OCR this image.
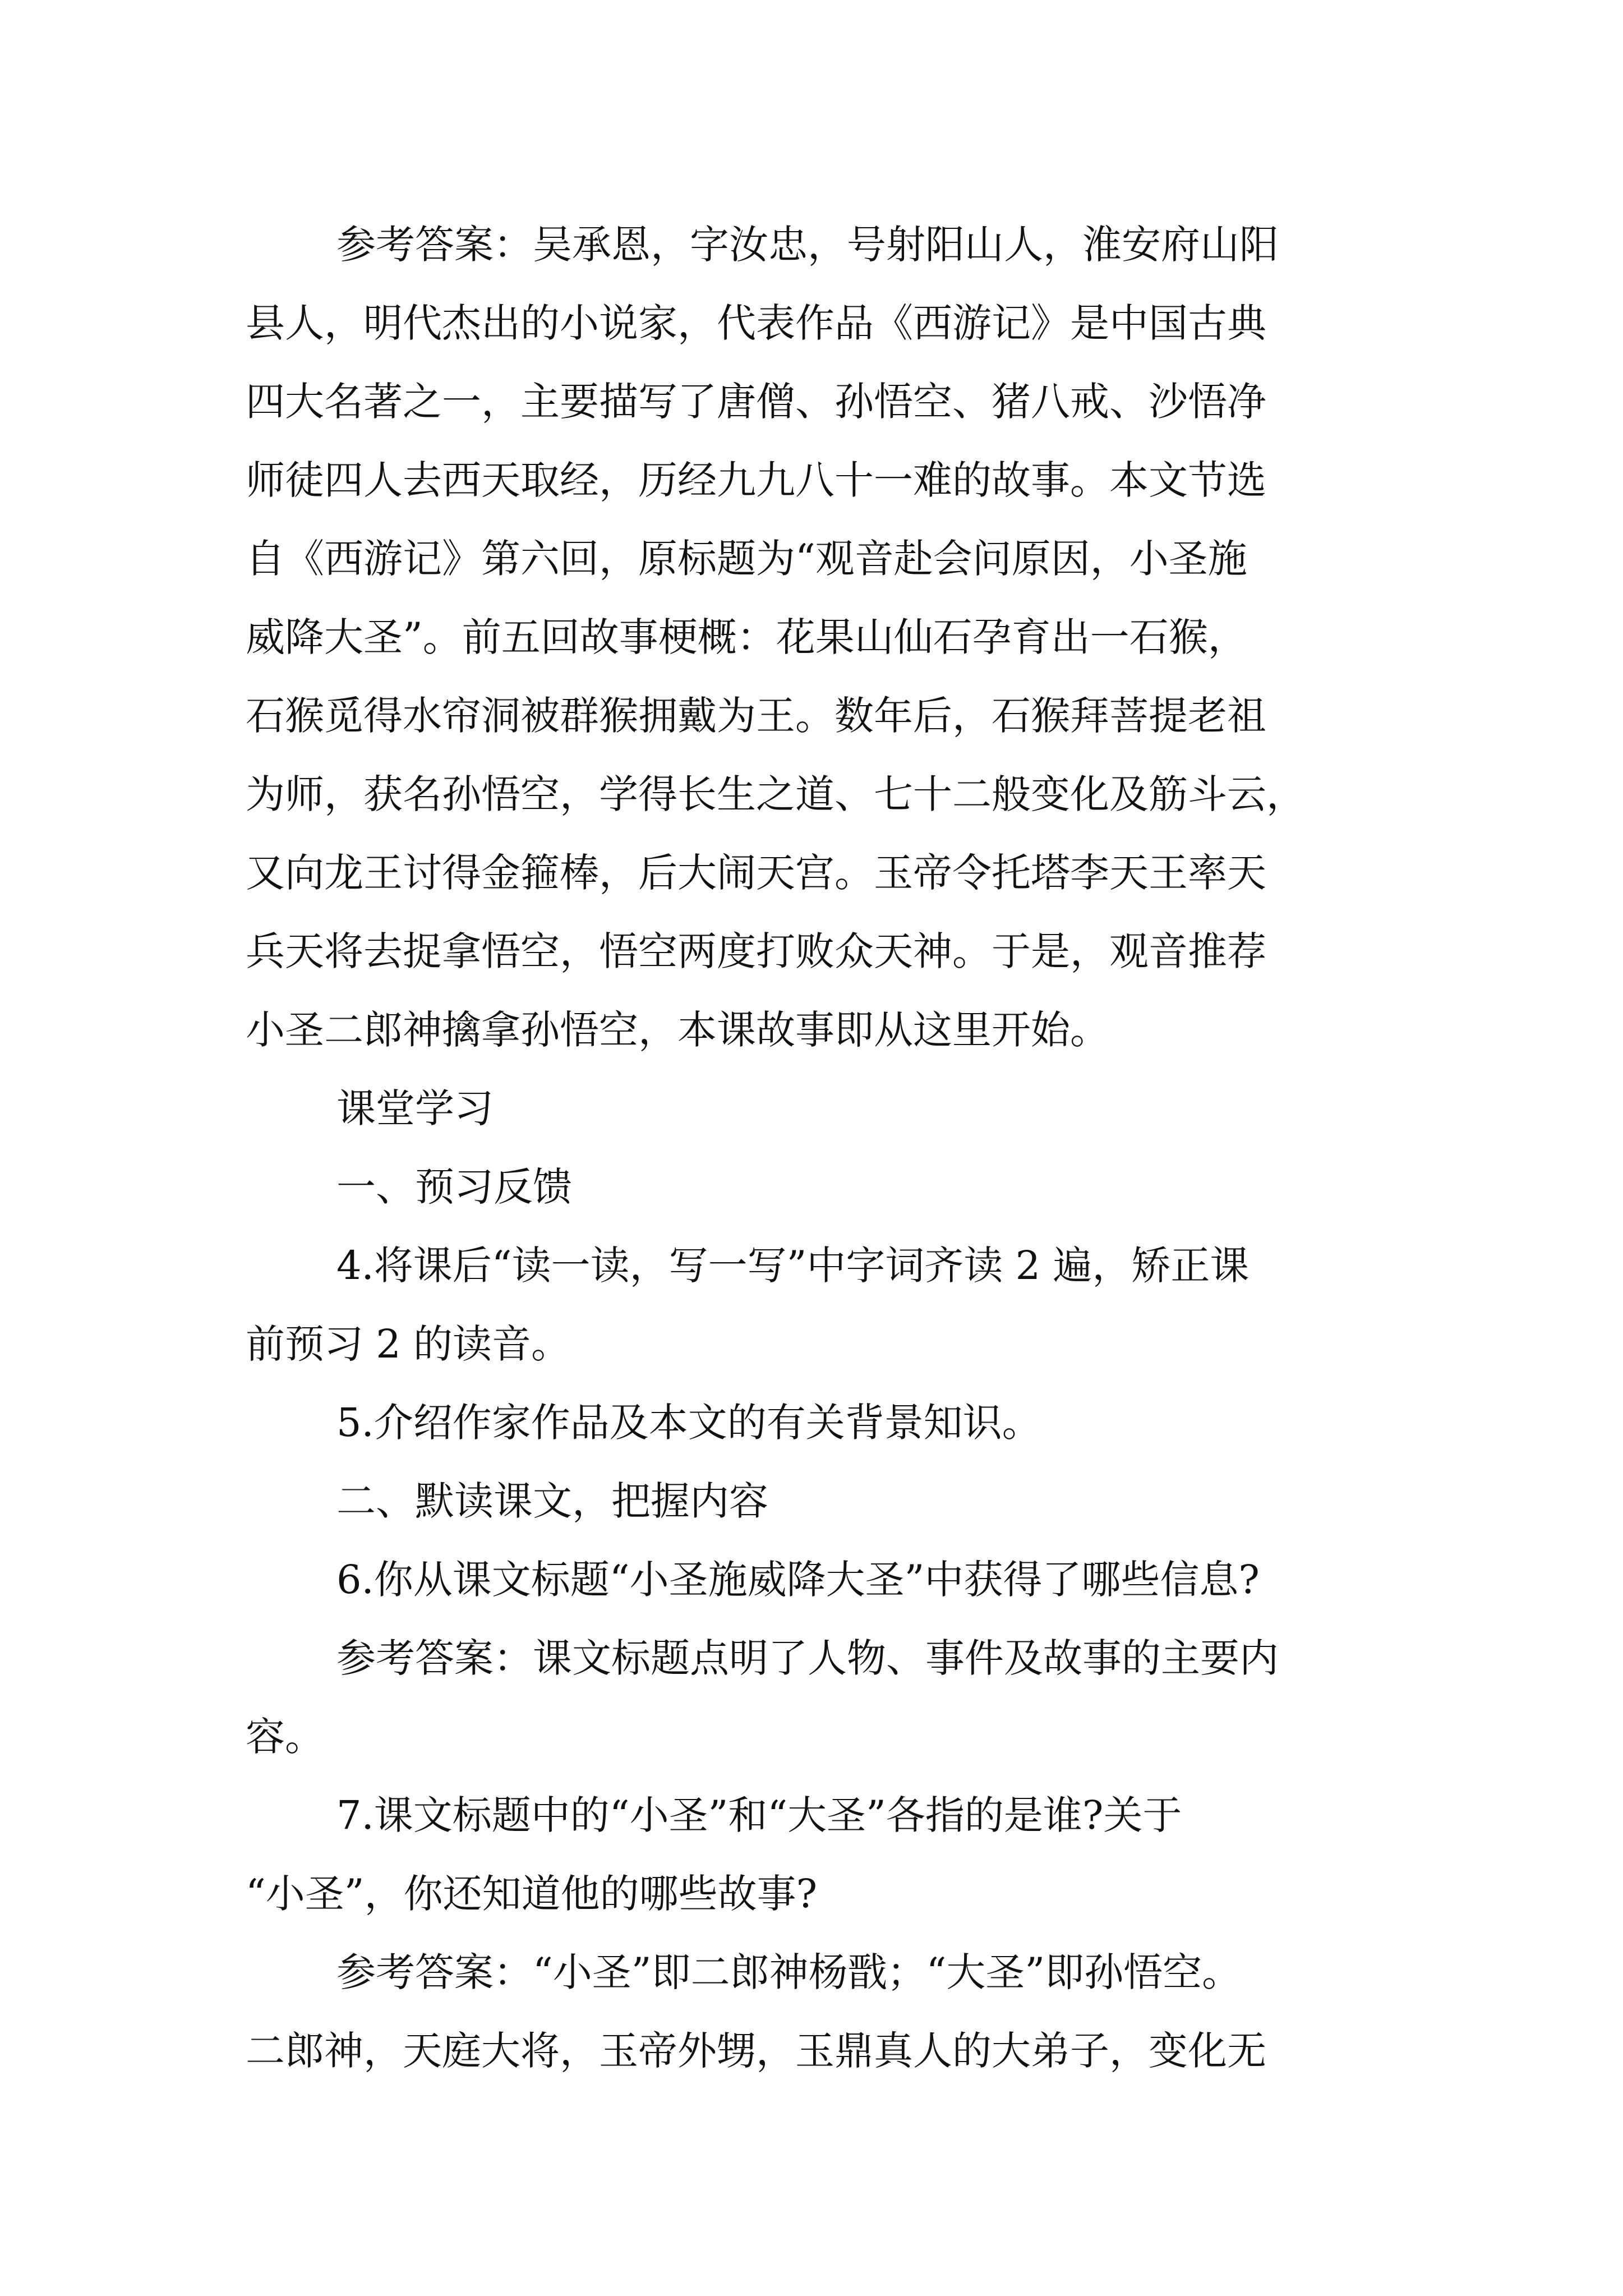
参考答案：吴承恩，字汝忠，号射阳山人，淮安府山阳

县人，明代杰出的小说家，代表作品《西游记》是中国古典

四大名著之一，主要描写了唐僧、孙悟空、猪八戒、沙悟净

师徒四人去西天取经，历经九九八十一难的故事。本文节选

自《西游记》第六回，原标题为“观音赴会问原因，小圣施

威降大圣”。前五回故事梗概：花果山仙石孕育出一石猴，

石猴觅得水帘洞被群猴拥戴为王。数年后，石猴拜菩提老祖

为师，获名孙悟空，学得长生之道、七十二般变化及筋斗云，

又向龙王讨得金箍棒，后大闹天宫。玉帝令托塔李天王率天

兵天将去捉拿悟空，悟空两度打败众天神。于是，观音推荐

小圣二郎神擒拿孙悟空，本课故事即从这里开始。

课堂学习

一、预习反馈

4.将课后“读一读，写一写”中字词齐读 2 遍，矫正课

前预习 2 的读音。

5.介绍作家作品及本文的有关背景知识。

二、默读课文，把握内容

6.你从课文标题“小圣施威降大圣”中获得了哪些信息?

参考答案：课文标题点明了人物、事件及故事的主要内

容。

7.课文标题中的“小圣”和“大圣”各指的是谁?关于

“小圣”，你还知道他的哪些故事?

参考答案：“小圣”即二郎神杨戬；“大圣”即孙悟空。

二郎神，天庭大将，玉帝外甥，玉鼎真人的大弟子，变化无
